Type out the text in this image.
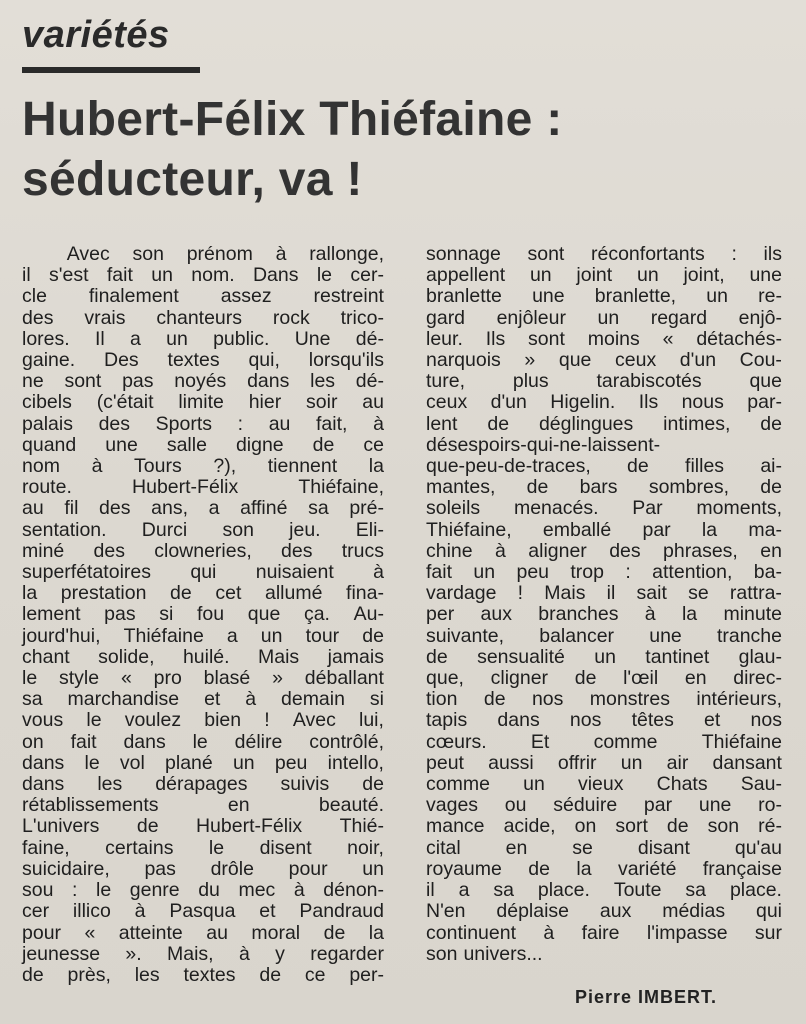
variétés
Hubert-Félix Thiéfaine :
séducteur, va !
Avec son prénom à rallonge,
il s'est fait un nom. Dans le cer-
cle finalement assez restreint
des vrais chanteurs rock trico-
lores. Il a un public. Une dé-
gaine. Des textes qui, lorsqu'ils
ne sont pas noyés dans les dé-
cibels (c'était limite hier soir au
palais des Sports : au fait, à
quand une salle digne de ce
nom à Tours ?), tiennent la
route.	Hubert-Félix	Thiéfaine,
au fil des ans, a affiné sa pré-
sentation. Durci son jeu. Eli-
miné des clowneries, des trucs
superfétatoires qui nuisaient à
la prestation de cet allumé fina-
lement pas si fou que ça. Au-
jourd'hui, Thiéfaine a un tour de
chant solide, huilé. Mais jamais
le style « pro blasé » déballant
sa marchandise et à demain si
vous le voulez bien ! Avec lui,
on fait dans le délire contrôlé,
dans le vol plané un peu intello,
dans les dérapages suivis de
rétablissements	en	beauté.
L'univers de Hubert-Félix Thié-
faine, certains le disent noir,
suicidaire, pas drôle pour un
sou : le genre du mec à dénon-
cer illico à Pasqua et Pandraud
pour « atteinte au moral de la
jeunesse ». Mais, à y regarder
de près, les textes de ce per-
sonnage sont réconfortants : ils
appellent un joint un joint, une
branlette une branlette, un re-
gard enjôleur un regard enjô-
leur. Ils sont moins « détachés-
narquois » que ceux d'un Cou-
ture, plus tarabiscotés que
ceux d'un Higelin. Ils nous par-
lent de déglingues intimes, de
désespoirs-qui-ne-laissent-
que-peu-de-traces, de filles ai-
mantes, de bars sombres, de
soleils menacés. Par moments,
Thiéfaine, emballé par la ma-
chine à aligner des phrases, en
fait un peu trop : attention, ba-
vardage ! Mais il sait se rattra-
per aux branches à la minute
suivante, balancer une tranche
de sensualité un tantinet glau-
que, cligner de l'œil en direc-
tion de nos monstres intérieurs,
tapis dans nos têtes et nos
cœurs. Et comme Thiéfaine
peut aussi offrir un air dansant
comme un vieux Chats Sau-
vages ou séduire par une ro-
mance acide, on sort de son ré-
cital en se disant qu'au
royaume de la variété française
il a sa place. Toute sa place.
N'en déplaise aux médias qui
continuent à faire l'impasse sur
son univers...
Pierre IMBERT.
